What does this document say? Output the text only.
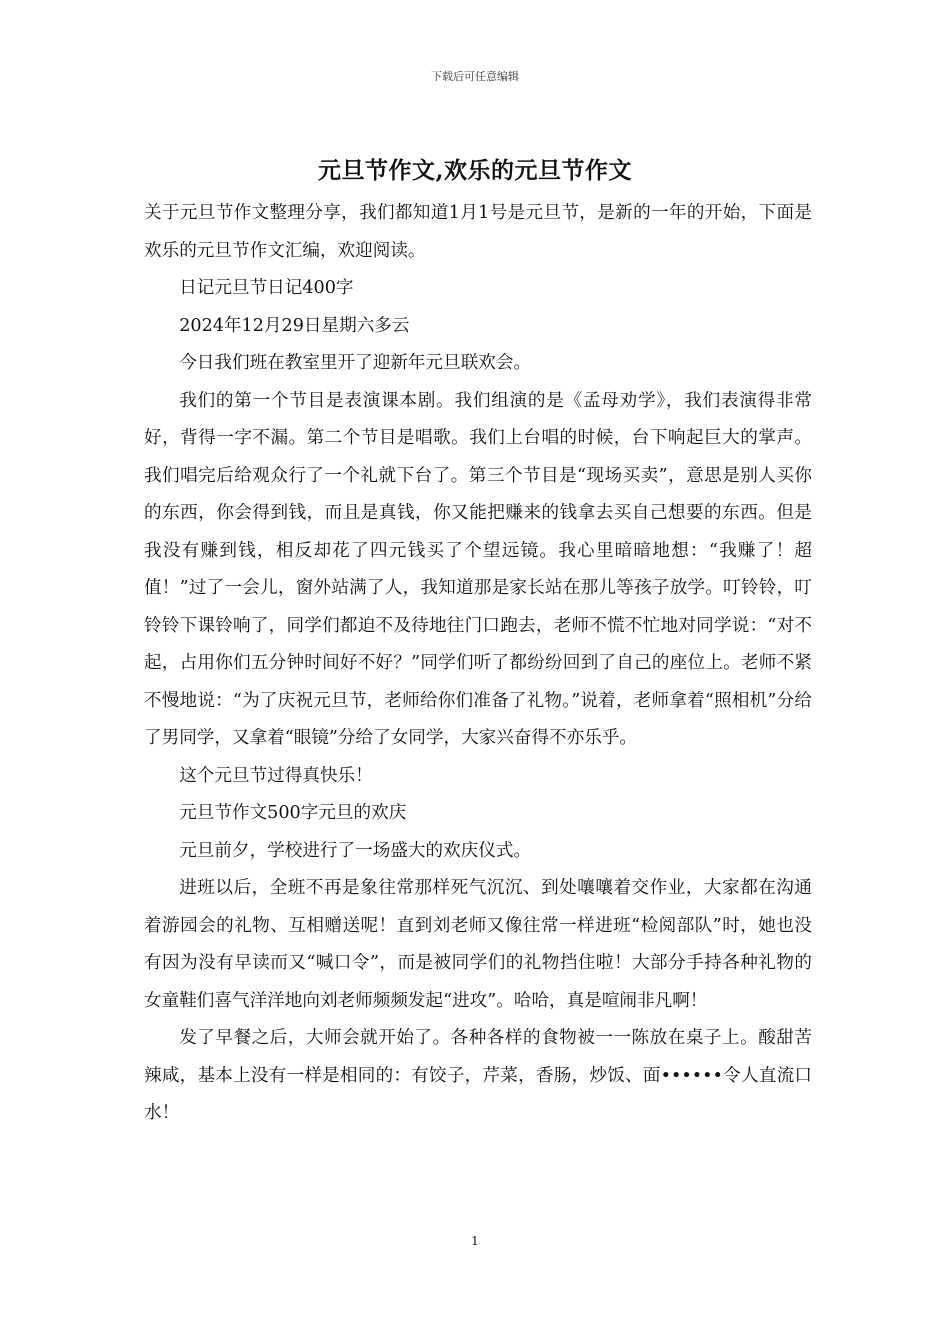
下载后可任意编辑
元旦节作文,欢乐的元旦节作文

关于元旦节作文整理分享，我们都知道1月1号是元旦节，是新的一年的开始，下面是欢乐的元旦节作文汇编，欢迎阅读。

日记元旦节日记400字

2024年12月29日星期六多云

今日我们班在教室里开了迎新年元旦联欢会。

我们的第一个节目是表演课本剧。我们组演的是《孟母劝学》，我们表演得非常好，背得一字不漏。第二个节目是唱歌。我们上台唱的时候，台下响起巨大的掌声。我们唱完后给观众行了一个礼就下台了。第三个节目是“现场买卖”，意思是别人买你的东西，你会得到钱，而且是真钱，你又能把赚来的钱拿去买自己想要的东西。但是我没有赚到钱，相反却花了四元钱买了个望远镜。我心里暗暗地想：“我赚了！超值！”过了一会儿，窗外站满了人，我知道那是家长站在那儿等孩子放学。叮铃铃，叮铃铃下课铃响了，同学们都迫不及待地往门口跑去，老师不慌不忙地对同学说：“对不起，占用你们五分钟时间好不好？”同学们听了都纷纷回到了自己的座位上。老师不紧不慢地说：“为了庆祝元旦节，老师给你们准备了礼物。”说着，老师拿着“照相机”分给了男同学，又拿着“眼镜”分给了女同学，大家兴奋得不亦乐乎。

这个元旦节过得真快乐！

元旦节作文500字元旦的欢庆

元旦前夕，学校进行了一场盛大的欢庆仪式。

进班以后，全班不再是象往常那样死气沉沉、到处嚷嚷着交作业，大家都在沟通着游园会的礼物、互相赠送呢！直到刘老师又像往常一样进班“检阅部队”时，她也没有因为没有早读而又“喊口令”，而是被同学们的礼物挡住啦！大部分手持各种礼物的女童鞋们喜气洋洋地向刘老师频频发起“进攻”。哈哈，真是喧闹非凡啊！

发了早餐之后，大师会就开始了。各种各样的食物被一一陈放在桌子上。酸甜苦辣咸，基本上没有一样是相同的：有饺子，芹菜，香肠，炒饭、面••••••令人直流口水！

1
